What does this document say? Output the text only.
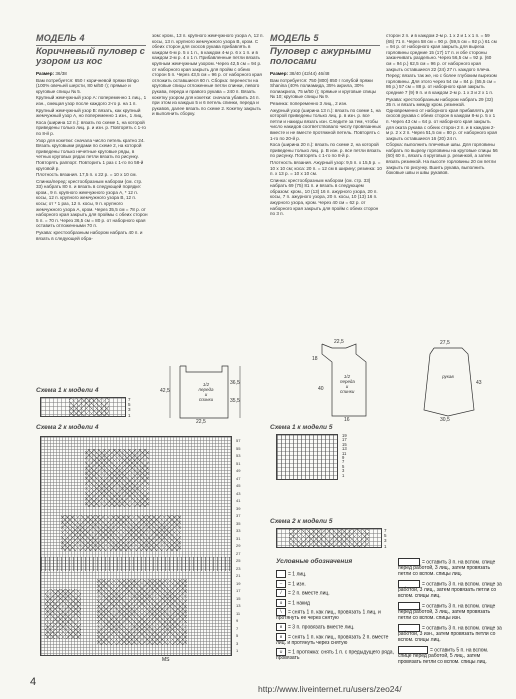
МОДЕЛЬ 4
Коричневый пуловер с узором из кос

Размер: 36/38

Вам потребуется: 650 г коричневой пряжи Bingo (100% овечьей шерсти, 80 м/50 г); прямые и круговые спицы № 5.

Крупный жемчужный узор А: попеременно 1 лиц., 1 изн., смещая узор после каждого 2-го р. на 1 п.

Крупный жемчужный узор В: вязать, как крупный жемчужный узор А, но попеременно 1 изн., 1 лиц.

Коса (ширина 12 п.): вязать по схеме 1, на которой приведены только лиц. р. и изн. р. Повторять с 1-го по 8-й р.

Узор для кокетки: сначала число петель кратно 24. Вязать круговыми рядами по схеме 2, на которой приведены только нечетные круговые ряды, в четных круговых рядах петли вязать по рисунку. Повторять раппорт. Повторить 1 раз с 1-го по 58-й круговой р.

Плотность вязания. 17,5 п. х 22 р. = 10 х 10 см.

Спинка/перед: крестообразным набором (см. стр. 33) набрать 80 п. и вязать в следующей порядке: кром., 9 п. крупного жемчужного узора А, * 12 п. косы, 12 п. крупного жемчужного узора В, 12 п. косы; от * 1 раз, 12 п. косы, 9 п. крупного жемчужного узора А, кром. Через 35,5 см = 78 р. от наборного края закрыть для проймы с обеих сторон 5 п. = 70 п. Через 36,5 см = 80 р. от наборного края оставить отложенными 70 п.

Рукава: крестообразным набором набрать 40 п. и вязать в следующей обра-

зом: кром., 13 п. крупного жемчужного узора А, 12 п. косы, 13 п. крупного жемчужного узора В, кром. С обеих сторон для скосов рукава прибавлять в каждом 6-м р. 5 х 1 п., в каждом 4-м р. 6 х 1 п. и в каждом 2-м р. 4 х 1 п. Прибавленные петли вязать крупным жемчужным узором. Через 42,5 см = 94 р. от наборного края закрыть для пройм с обеих сторон 5 п. Через 43,5 см = 96 р. от наборного края отложить оставшиеся 60 п. Сборка: перенести на круговые спицы отложенные петли спинки, левого рукава, переда и правого рукава = 240 п. Вязать кокетку узором для кокетки: сначала убавить 24 п. при этом из каждых 5 и 6 петель спинки, переда и рукавов, далее вязать по схеме 2. Кокетку закрыть и выполнить сборку.
1/2 переда и спинки
42,5
36,5
35,5
22,5
Схема 1 к модели 4
7
5
3
1
Схема 2 к модели 4
57
55
53
51
49
47
45
43
41
39
37
35
33
31
29
27
25
23
21
19
17
15
13
11
9
7
5
3
1
MS
МОДЕЛЬ 5
Пуловер с ажурными полосами

Размер: 38/40 (42/44) 46/48

Вам потребуется: 750 (800) 850 г голубой пряжи Shanina (40% полиамида, 35% акрила, 30% полиакрила, 75 м/50 г); прямые и круговые спицы № 10; круговые спицы № 9.

Резинка: попеременно 3 лиц., 2 изн.

Ажурный узор (ширина 13 п.): вязать по схеме 1, на которой приведены только лиц. р. в изн. р. все петли и накиды вязать изн. Следите за тем, чтобы число накидов соответствовало числу провязанных вместе и не вместе протяжной петель. Повторять с 1-го по 20-й р.

Коса (ширина 20 п.): вязать по схеме 2, на которой приведены только лиц. р. В изн. р. все петли вязать по рисунку. Повторять с 1-го по 8-й р.

Плотность вязания. Ажурный узор: 9,5 п. х 15,5 р. = 10 х 10 см; коса: 20 п. = 12 см в ширину; резинка: 10 п. х 13 р. = 10 х 10 см.

Спинка: крестообразным набором (см. стр. 33) набрать 69 (75) 81 п. и вязать в следующем образом: кром., 10 (13) 16 п. ажурного узора, 20 п. косы, 7 п. ажурного узора, 20 п. косы, 10 (13) 16 п. ажурного узора, кром. Через 40 см = 62 р. от наборного края закрыть для пройм с обеих сторон по 3 п.

сторон 2 п. и в каждом 2-м р. 1 х 2 и 1 х 1 п. = 59 (65) 71 п. Через 58 см = 90 р. (59,5 см = 92 р.) 61 см = 94 р. от наборного края закрыть для выреза горловины средние 15 (17) 17 п. и обе стороны заканчивать раздельно. Через 56,5 см = 92 р. (60 см = 94 р.) 62,5 см = 96 р. от наборного края закрыть оставшиеся 22 (24) 27 п. каждого плеча.

Перед: вязать так же, но с более глубоким вырезом горловины. Для этого через 54 см = 84 р. (55,5 см = 86 р.) 57 см = 88 р. от наборного края закрыть средние 7 (9) 9 п. и в каждом 2-м р. 1 х 3 и 2 х 1 п.

Рукава: крестообразным набором набрать 29 (32) 35 п. и вязать между кром. резинкой. Одновременно от наборного края прибавлять для скосов рукава с обеих сторон в каждом 8-м р. 5 х 1 п. Через 43 см = 64 р. от наборного края закрыть для оката рукава с обеих сторон 2 п. и в каждом 2-м р. 2 х 2 п. Через 51,5 см = 80 р. от наборного края закрыть оставшиеся 16 (20) 24 п.

Сборка: выполнить плечевые швы. Для горловины набрать по вырезу горловины на круговые спицы 56 (60) 60 п., вязать 4 круговых р. резинкой, а затем вязать резинкой. На высоте горловины 20 см петли закрыть по рисунку. Вшить рукава, выполнить боковые швы и швы рукавов.

1/2 переда и спинки
22,5
18
40
16
рукав
27,5
30,5
43
Схема 1 к модели 5
19
17
15
13
11
9
7
5
3
1
Схема 2 к модели 5
7
5
3
1
Условные обозначения
= 1 лиц.
– = 1 изн.
/ = 2 п. вместе лиц.
o = 1 накид
\ = снять 1 п. как лиц., провязать 1 лиц. и протянуть ее через снятую
∧ = 3 п. провязать вместе лиц.
∧ = снять 1 п. как лиц., провязать 2 п. вместе лиц. и протянуть через снятую
∪ = 1 протяжка: снять 1 п. с предыдущего ряда, провязать
= оставить 3 п. на вспом. спице перед работой, 3 лиц., затем провязать петли со вспом. спицы лиц.
= оставить 3 п. на вспом. спице за работой, 3 лиц., затем провязать петли со вспом. спицы лиц.
= оставить 3 п. на вспом. спице перед работой, 3 лиц., затем провязать петли со вспом. спицы изн.
= оставить 3 п. на вспом. спице за работой, 3 изн., затем провязать петли со вспом. спицы лиц.
= оставить 5 п. на вспом. спице перед работой, 5 лиц., затем провязать петли со вспом. спицы лиц.
4
http://www.liveinternet.ru/users/zeo24/
